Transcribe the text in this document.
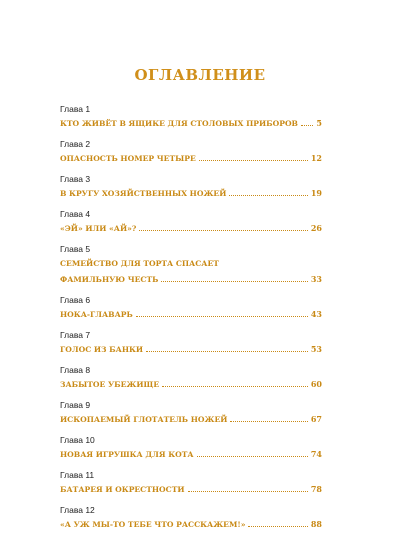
ОГЛАВЛЕНИЕ
Глава 1
КТО ЖИВЁТ В ЯЩИКЕ ДЛЯ СТОЛОВЫХ ПРИБОРОВ 5
Глава 2
ОПАСНОСТЬ НОМЕР ЧЕТЫРЕ	12
Глава 3
В КРУГУ ХОЗЯЙСТВЕННЫХ НОЖЕЙ	19
Глава 4
«ЭЙ» ИЛИ «АЙ»?	26
Глава 5
СЕМЕЙСТВО ДЛЯ ТОРТА СПАСАЕТ
ФАМИЛЬНУЮ ЧЕСТЬ	33
Глава 6
НОКА-ГЛАВАРЬ	43
Глава 7
ГОЛОС ИЗ БАНКИ	53
Глава 8
ЗАБЫТОЕ УБЕЖИЩЕ	60
Глава 9
ИСКОПАЕМЫЙ ГЛОТАТЕЛЬ НОЖЕЙ	67
Глава 10
НОВАЯ ИГРУШКА ДЛЯ КОТА	74
Глава 11
БАТАРЕЯ И ОКРЕСТНОСТИ	78
Глава 12
«А УЖ МЫ-ТО ТЕБЕ ЧТО РАССКАЖЕМ!»	88
